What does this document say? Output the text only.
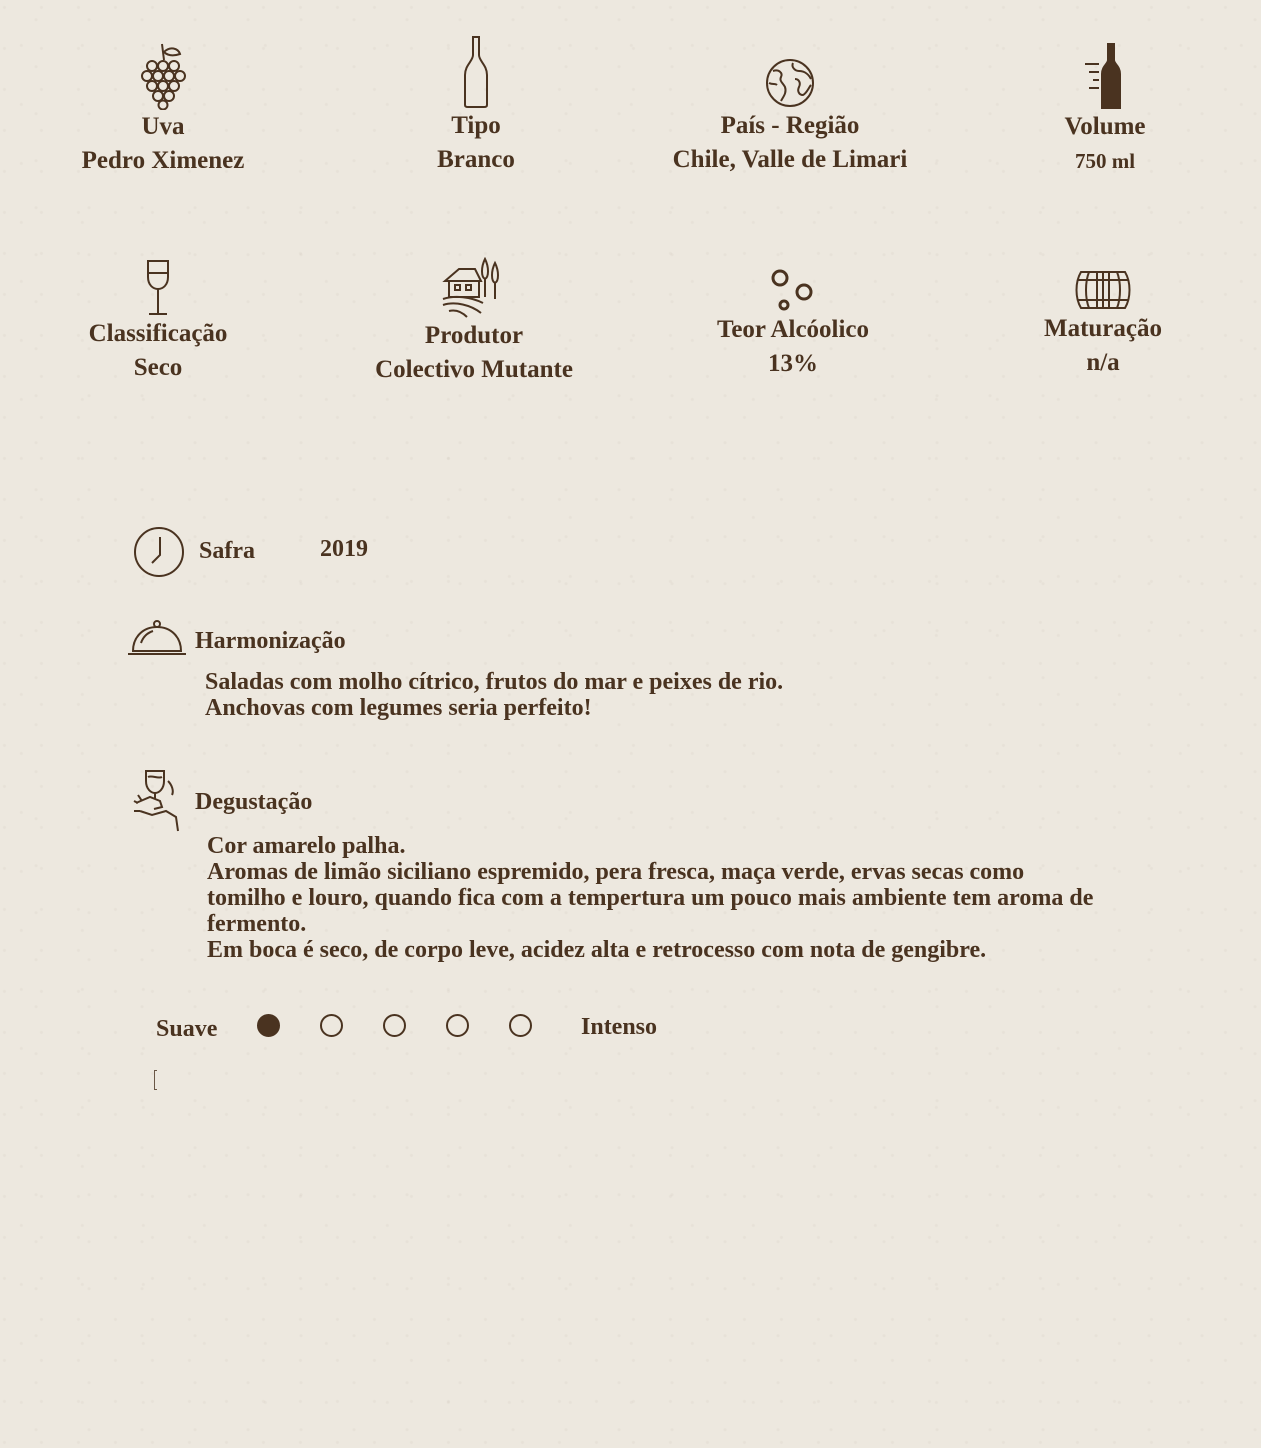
Uva
Pedro Ximenez
Tipo
Branco
País - Região
Chile, Valle de Limari
Volume
750 ml
Classificação
Seco
Produtor
Colectivo Mutante
Teor Alcóolico
13%
Maturação
n/a
Safra	2019
Harmonização
Saladas com molho cítrico, frutos do mar e peixes de rio.
Anchovas com legumes seria perfeito!
Degustação
Cor amarelo palha.
Aromas de limão siciliano espremido, pera fresca, maça verde, ervas secas como
tomilho e louro, quando fica com a tempertura um pouco mais ambiente tem aroma de
fermento.
Em boca é seco, de corpo leve, acidez alta e retrocesso com nota de gengibre.
Suave	Intenso
